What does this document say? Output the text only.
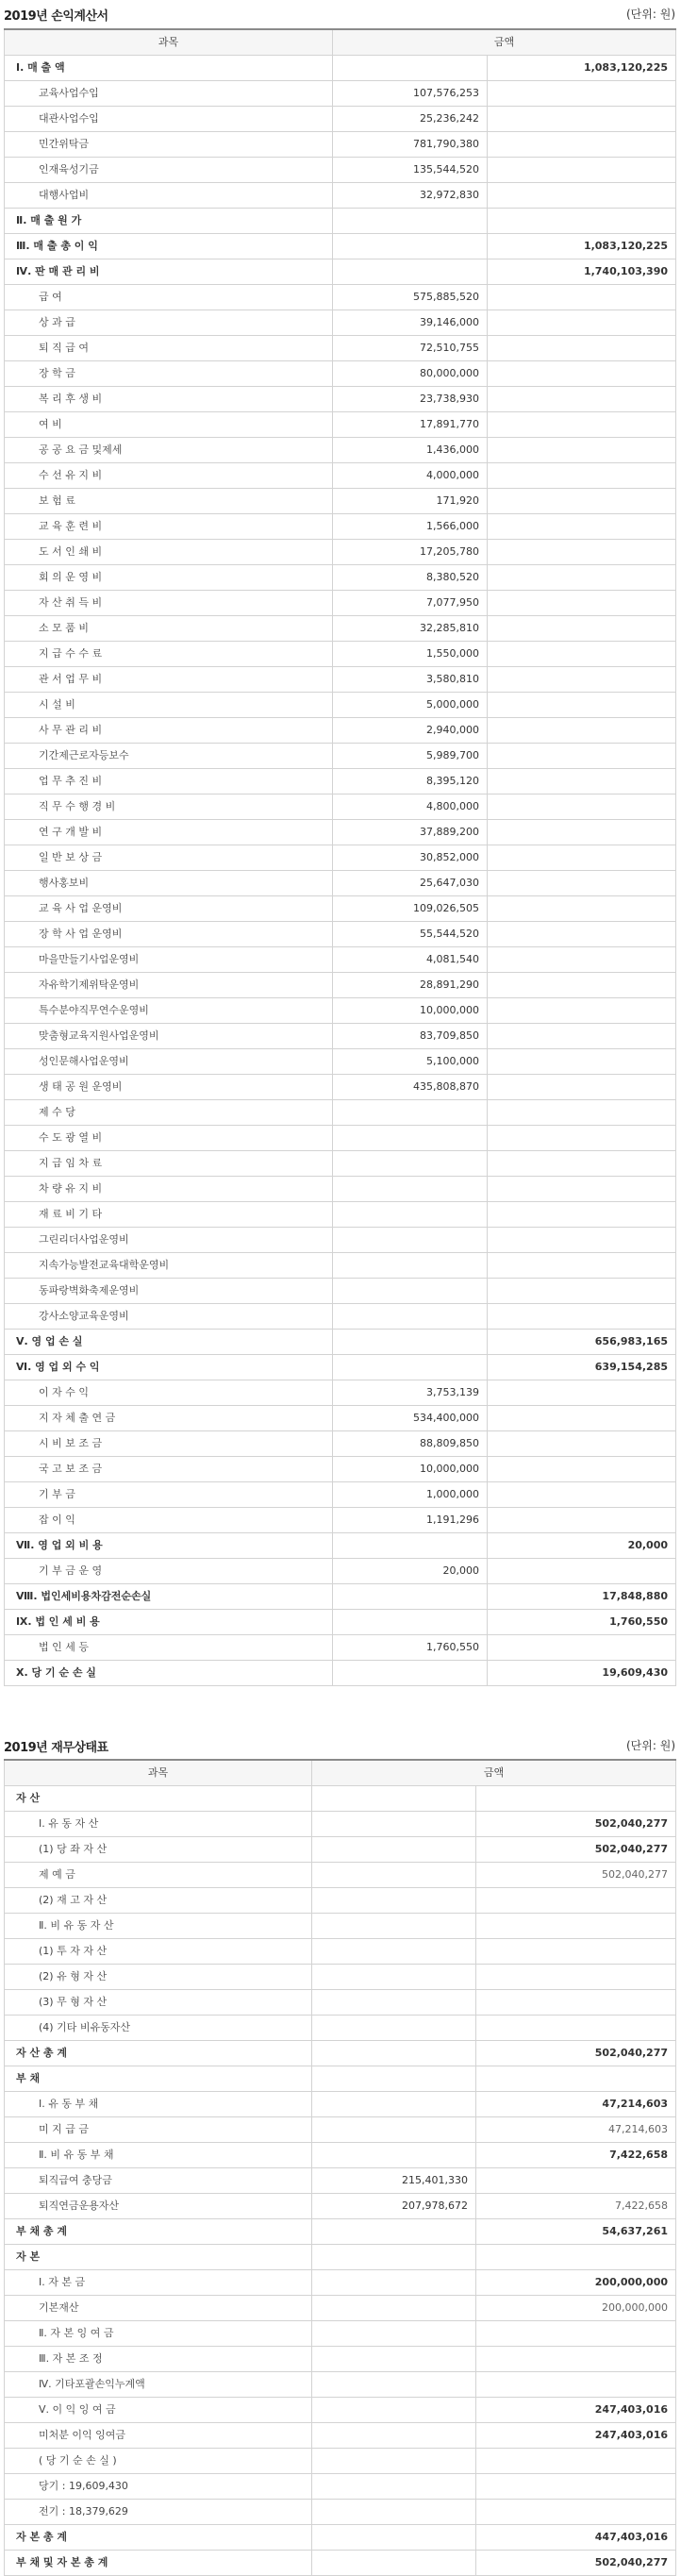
2019년 손익계산서	(단위: 원)
과목	금액	
Ⅰ. 매 출 액		1,083,120,225
교육사업수입	107,576,253	
대관사업수입	25,236,242	
민간위탁금	781,790,380	
인재육성기금	135,544,520	
대행사업비	32,972,830	
Ⅱ. 매 출 원 가		
Ⅲ. 매 출 총 이 익		1,083,120,225
Ⅳ. 판 매 관 리 비		1,740,103,390
급 여	575,885,520	
상 과 급	39,146,000	
퇴 직 급 여	72,510,755	
장 학 금	80,000,000	
복 리 후 생 비	23,738,930	
여 비	17,891,770	
공 공 요 금 및제세	1,436,000	
수 선 유 지 비	4,000,000	
보 험 료	171,920	
교 육 훈 련 비	1,566,000	
도 서 인 쇄 비	17,205,780	
회 의 운 영 비	8,380,520	
자 산 취 득 비	7,077,950	
소 모 품 비	32,285,810	
지 급 수 수 료	1,550,000	
관 서 업 무 비	3,580,810	
시 설 비	5,000,000	
사 무 관 리 비	2,940,000	
기간제근로자등보수	5,989,700	
업 무 추 진 비	8,395,120	
직 무 수 행 경 비	4,800,000	
연 구 개 발 비	37,889,200	
일 반 보 상 금	30,852,000	
행사홍보비	25,647,030	
교 육 사 업 운영비	109,026,505	
장 학 사 업 운영비	55,544,520	
마을만들기사업운영비	4,081,540	
자유학기제위탁운영비	28,891,290	
특수분야직무연수운영비	10,000,000	
맞춤형교육지원사업운영비	83,709,850	
성인문해사업운영비	5,100,000	
생 태 공 원 운영비	435,808,870	
제 수 당		
수 도 광 열 비		
지 급 임 차 료		
차 량 유 지 비		
재 료 비 기 타		
그린리더사업운영비		
지속가능발전교육대학운영비		
동파랑벽화축제운영비		
강사소양교육운영비		
Ⅴ. 영 업 손 실		656,983,165
Ⅵ. 영 업 외 수 익		639,154,285
이 자 수 익	3,753,139	
지 자 체 출 연 금	534,400,000	
시 비 보 조 금	88,809,850	
국 고 보 조 금	10,000,000	
기 부 금	1,000,000	
잡 이 익	1,191,296	
Ⅶ. 영 업 외 비 용		20,000
기 부 금 운 영	20,000	
Ⅷ. 법인세비용차감전순손실		17,848,880
Ⅸ. 법 인 세 비 용		1,760,550
법 인 세 등	1,760,550	
Ⅹ. 당 기 순 손 실		19,609,430
2019년 재무상태표	(단위: 원)
과목	금액	
자 산		
Ⅰ. 유 동 자 산		502,040,277
(1) 당 좌 자 산		502,040,277
제 예 금		502,040,277
(2) 재 고 자 산		
Ⅱ. 비 유 동 자 산		
(1) 투 자 자 산		
(2) 유 형 자 산		
(3) 무 형 자 산		
(4) 기타 비유동자산		
자 산 총 계		502,040,277
부 채		
Ⅰ. 유 동 부 채		47,214,603
미 지 급 금		47,214,603
Ⅱ. 비 유 동 부 채		7,422,658
퇴직급여 충당금	215,401,330	
퇴직연금운용자산	207,978,672	7,422,658
부 채 총 계		54,637,261
자 본		
Ⅰ. 자 본 금		200,000,000
기본재산		200,000,000
Ⅱ. 자 본 잉 여 금		
Ⅲ. 자 본 조 정		
Ⅳ. 기타포괄손익누계액		
Ⅴ. 이 익 잉 여 금		247,403,016
미처분 이익 잉여금		247,403,016
( 당 기 순 손 실 )		
당기 : 19,609,430		
전기 : 18,379,629		
자 본 총 계		447,403,016
부 채 및 자 본 총 계		502,040,277
